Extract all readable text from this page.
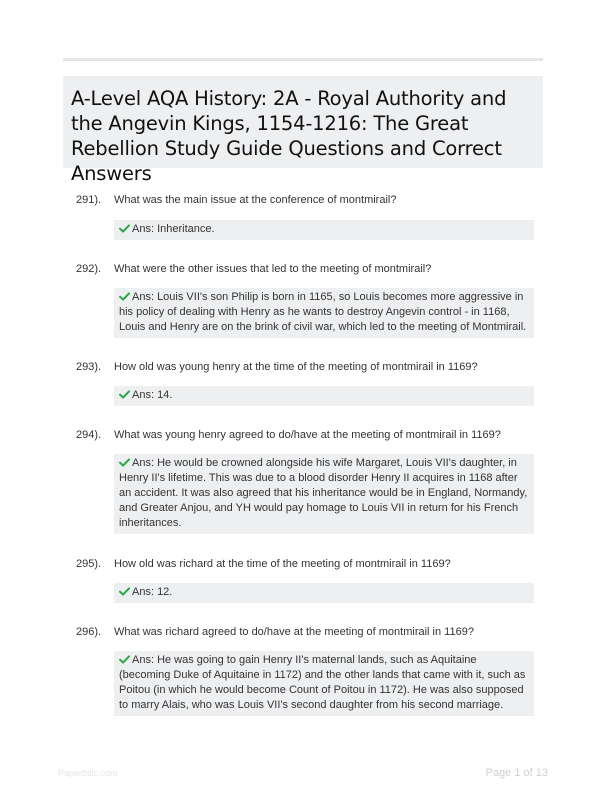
A-Level AQA History: 2A - Royal Authority and the Angevin Kings, 1154-1216: The Great Rebellion Study Guide Questions and Correct Answers
291).	What was the main issue at the conference of montmirail?
Ans: Inheritance.
292).	What were the other issues that led to the meeting of montmirail?
Ans: Louis VII's son Philip is born in 1165, so Louis becomes more aggressive in his policy of dealing with Henry as he wants to destroy Angevin control - in 1168, Louis and Henry are on the brink of civil war, which led to the meeting of Montmirail.
293).	How old was young henry at the time of the meeting of montmirail in 1169?
Ans: 14.
294).	What was young henry agreed to do/have at the meeting of montmirail in 1169?
Ans: He would be crowned alongside his wife Margaret, Louis VII's daughter, in Henry II's lifetime. This was due to a blood disorder Henry II acquires in 1168 after an accident. It was also agreed that his inheritance would be in England, Normandy, and Greater Anjou, and YH would pay homage to Louis VII in return for his French inheritances.
295).	How old was richard at the time of the meeting of montmirail in 1169?
Ans: 12.
296).	What was richard agreed to do/have at the meeting of montmirail in 1169?
Ans: He was going to gain Henry II's maternal lands, such as Aquitaine (becoming Duke of Aquitaine in 1172) and the other lands that came with it, such as Poitou (in which he would become Count of Poitou in 1172). He was also supposed to marry Alais, who was Louis VII's second daughter from his second marriage.
Paperbtlic.com	Page 1 of 13
